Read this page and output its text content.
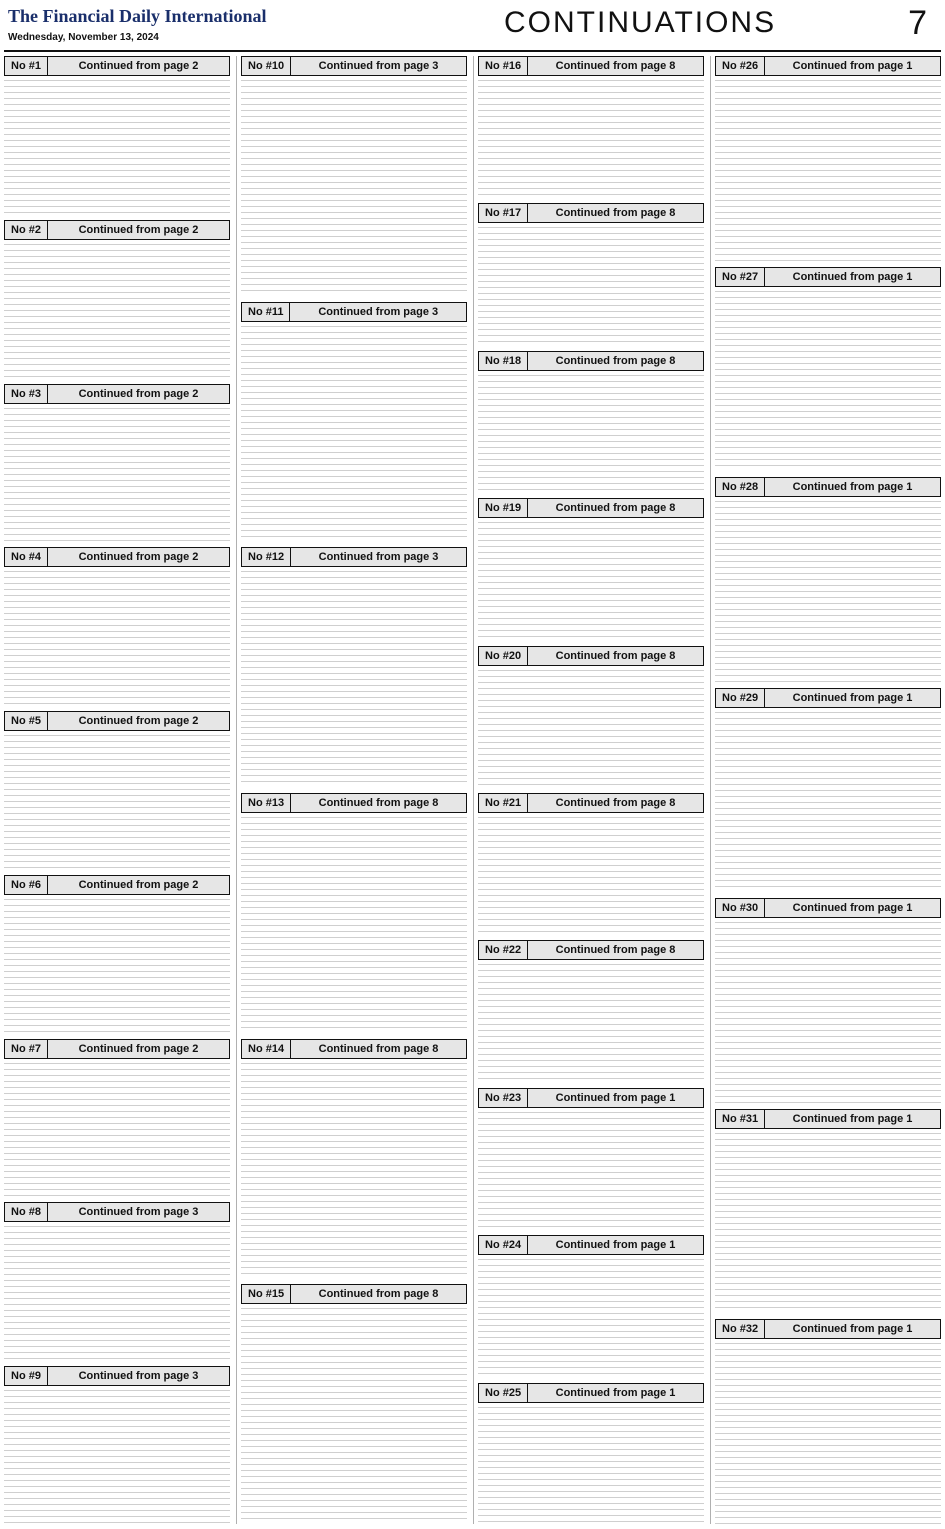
The Financial Daily International
Wednesday, November 13, 2024	CONTINUATIONS	7
No #1	Continued from page 2
No #2	Continued from page 2
No #3	Continued from page 2
No #4	Continued from page 2
No #5	Continued from page 2
No #6	Continued from page 2
No #7	Continued from page 2
No #8	Continued from page 3
No #9	Continued from page 3
No #10	Continued from page 3
No #11	Continued from page 3
No #12	Continued from page 3
No #13	Continued from page 8
No #14	Continued from page 8
No #15	Continued from page 8
No #16	Continued from page 8
No #17	Continued from page 8
No #18	Continued from page 8
No #19	Continued from page 8
No #20	Continued from page 8
No #21	Continued from page 8
No #22	Continued from page 8
No #23	Continued from page 1
No #24	Continued from page 1
No #25	Continued from page 1
No #26	Continued from page 1
No #27	Continued from page 1
No #28	Continued from page 1
No #29	Continued from page 1
No #30	Continued from page 1
No #31	Continued from page 1
No #32	Continued from page 1
